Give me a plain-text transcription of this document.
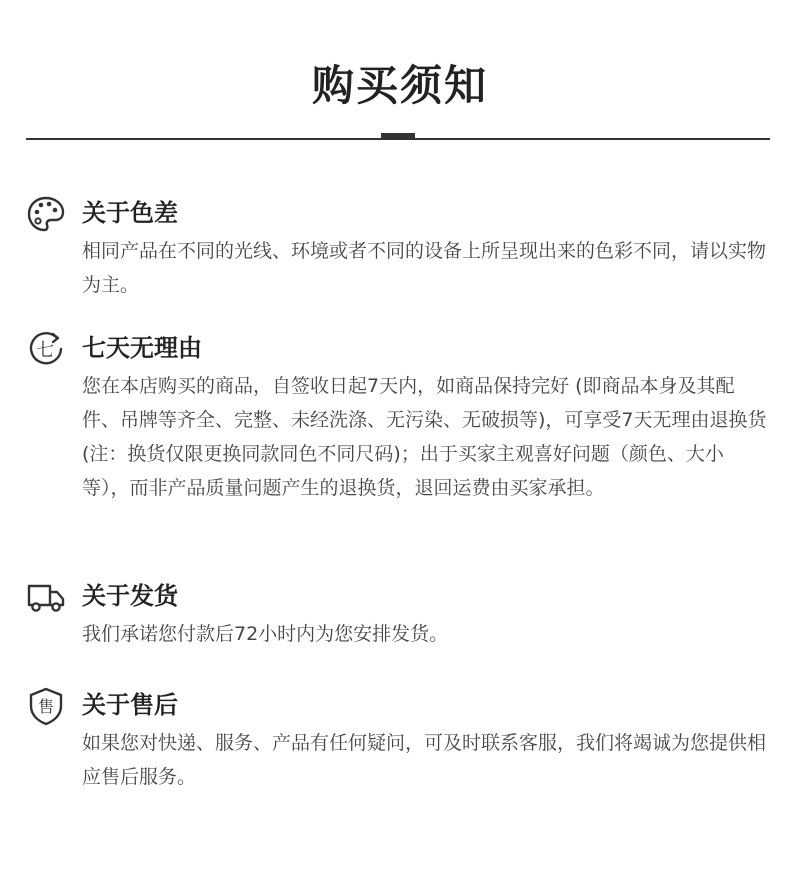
购买须知
关于色差
相同产品在不同的光线、环境或者不同的设备上所呈现出来的色彩不同，请以实物为主。
七 七天无理由
您在本店购买的商品，自签收日起7天内，如商品保持完好 (即商品本身及其配件、吊牌等齐全、完整、未经洗涤、无污染、无破损等)，可享受7天无理由退换货 (注：换货仅限更换同款同色不同尺码)；出于买家主观喜好问题（颜色、大小等），而非产品质量问题产生的退换货，退回运费由买家承担。
关于发货
我们承诺您付款后72小时内为您安排发货。
售 关于售后
如果您对快递、服务、产品有任何疑问，可及时联系客服，我们将竭诚为您提供相应售后服务。
